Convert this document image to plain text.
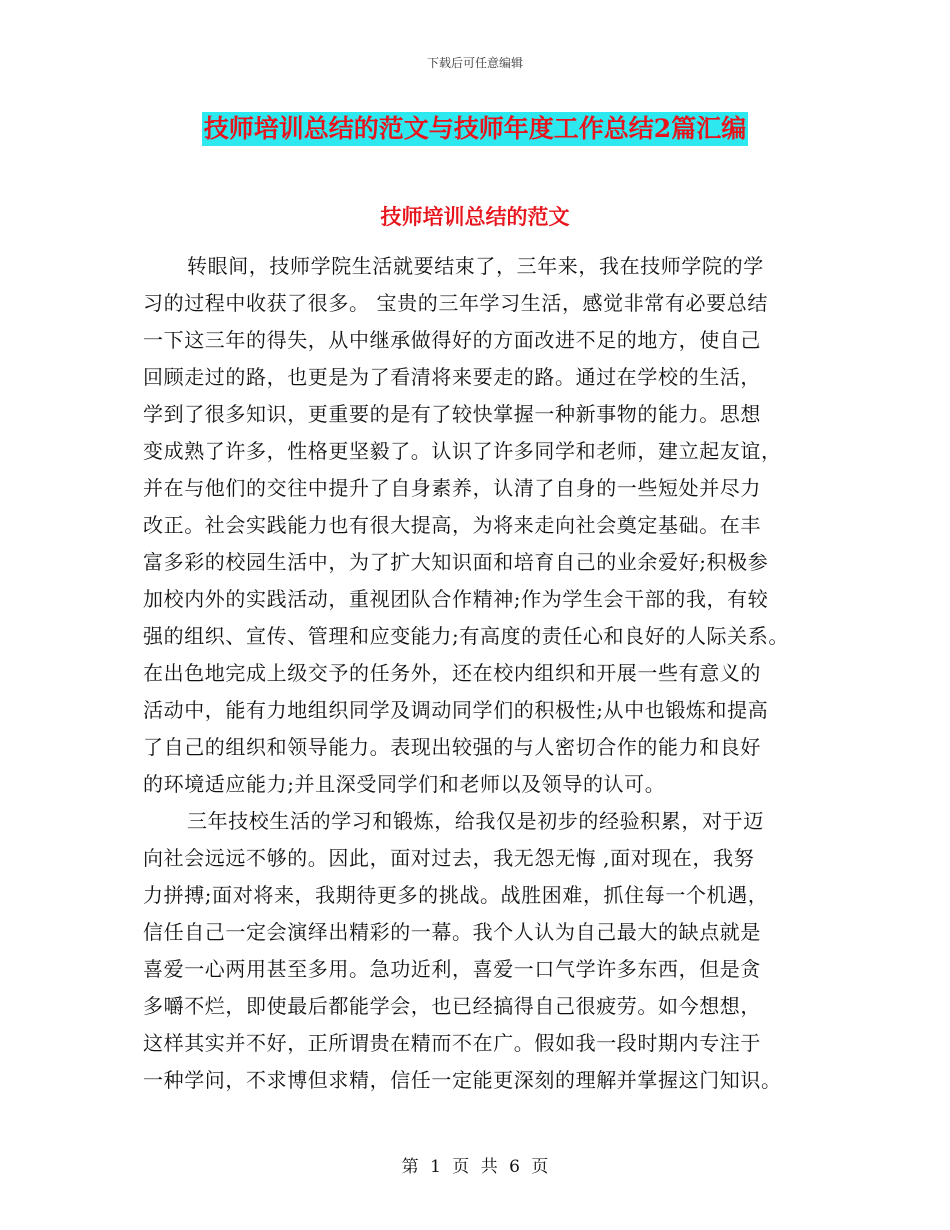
下载后可任意编辑
技师培训总结的范文与技师年度工作总结2篇汇编
技师培训总结的范文
转眼间，技师学院生活就要结束了，三年来，我在技师学院的学
习的过程中收获了很多。 宝贵的三年学习生活，感觉非常有必要总结
一下这三年的得失，从中继承做得好的方面改进不足的地方，使自己
回顾走过的路，也更是为了看清将来要走的路。通过在学校的生活，
学到了很多知识，更重要的是有了较快掌握一种新事物的能力。思想
变成熟了许多，性格更坚毅了。认识了许多同学和老师，建立起友谊，
并在与他们的交往中提升了自身素养，认清了自身的一些短处并尽力
改正。社会实践能力也有很大提高，为将来走向社会奠定基础。在丰
富多彩的校园生活中，为了扩大知识面和培育自己的业余爱好;积极参
加校内外的实践活动，重视团队合作精神;作为学生会干部的我，有较
强的组织、宣传、管理和应变能力;有高度的责任心和良好的人际关系。
在出色地完成上级交予的任务外，还在校内组织和开展一些有意义的
活动中，能有力地组织同学及调动同学们的积极性;从中也锻炼和提高
了自己的组织和领导能力。表现出较强的与人密切合作的能力和良好
的环境适应能力;并且深受同学们和老师以及领导的认可。
三年技校生活的学习和锻炼，给我仅是初步的经验积累，对于迈
向社会远远不够的。因此，面对过去，我无怨无悔 ,面对现在，我努
力拼搏;面对将来，我期待更多的挑战。战胜困难，抓住每一个机遇，
信任自己一定会演绎出精彩的一幕。我个人认为自己最大的缺点就是
喜爱一心两用甚至多用。急功近利，喜爱一口气学许多东西，但是贪
多嚼不烂，即使最后都能学会，也已经搞得自己很疲劳。如今想想，
这样其实并不好，正所谓贵在精而不在广。假如我一段时期内专注于
一种学问，不求博但求精，信任一定能更深刻的理解并掌握这门知识。
第 1 页 共 6 页
